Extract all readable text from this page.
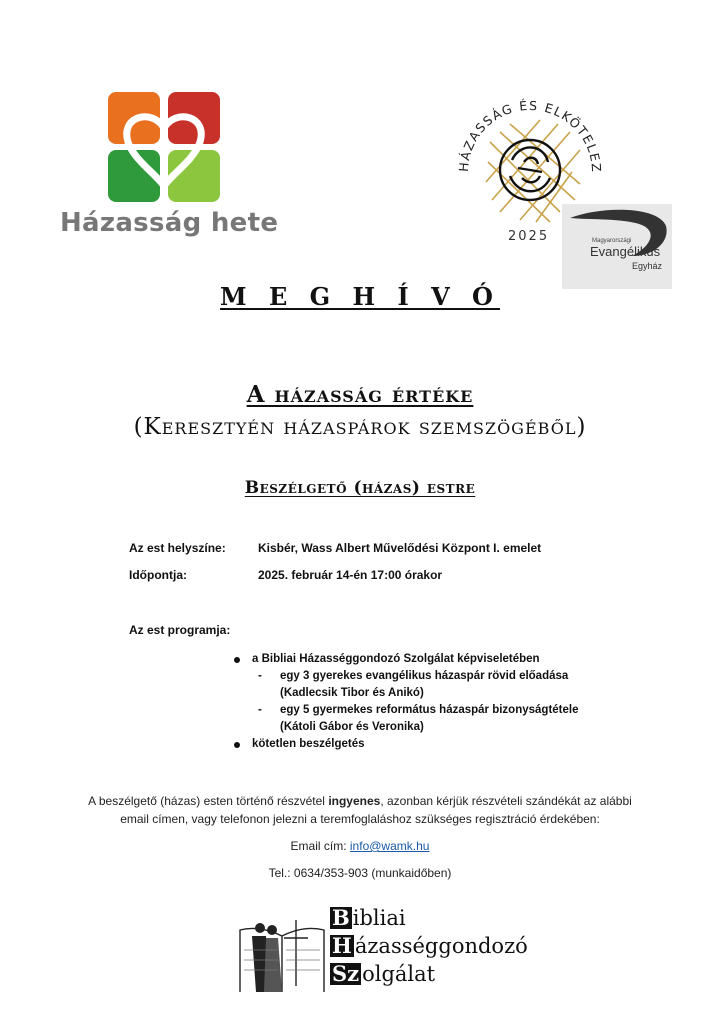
Házasság hete
HÁZASSÁG ÉS ELKÖTELEZ
2025	Magyarországi
Evangélikus
Egyház
M E G H Í V Ó
A házasság értéke
(Keresztyén házaspárok szemszögéből)
Beszélgető (házas) estre
Az est helyszíne:	Kisbér, Wass Albert Művelődési Központ I. emelet
Időpontja:	2025. február 14-én 17:00 órakor
Az est programja:
a Bibliai Házasséggondozó Szolgálat képviseletében
- egy 3 gyerekes evangélikus házaspár rövid előadása
(Kadlecsik Tibor és Anikó)
- egy 5 gyermekes református házaspár bizonyságtétele
(Kátoli Gábor és Veronika)
kötetlen beszélgetés
A beszélgető (házas) esten történő részvétel ingyenes, azonban kérjük részvételi szándékát az alábbi
email címen, vagy telefonon jelezni a teremfoglaláshoz szükséges regisztráció érdekében:
Email cím: info@wamk.hu
Tel.: 0634/353-903 (munkaidőben)
B ibliai
H ázasséggondozó
Sz olgálat
